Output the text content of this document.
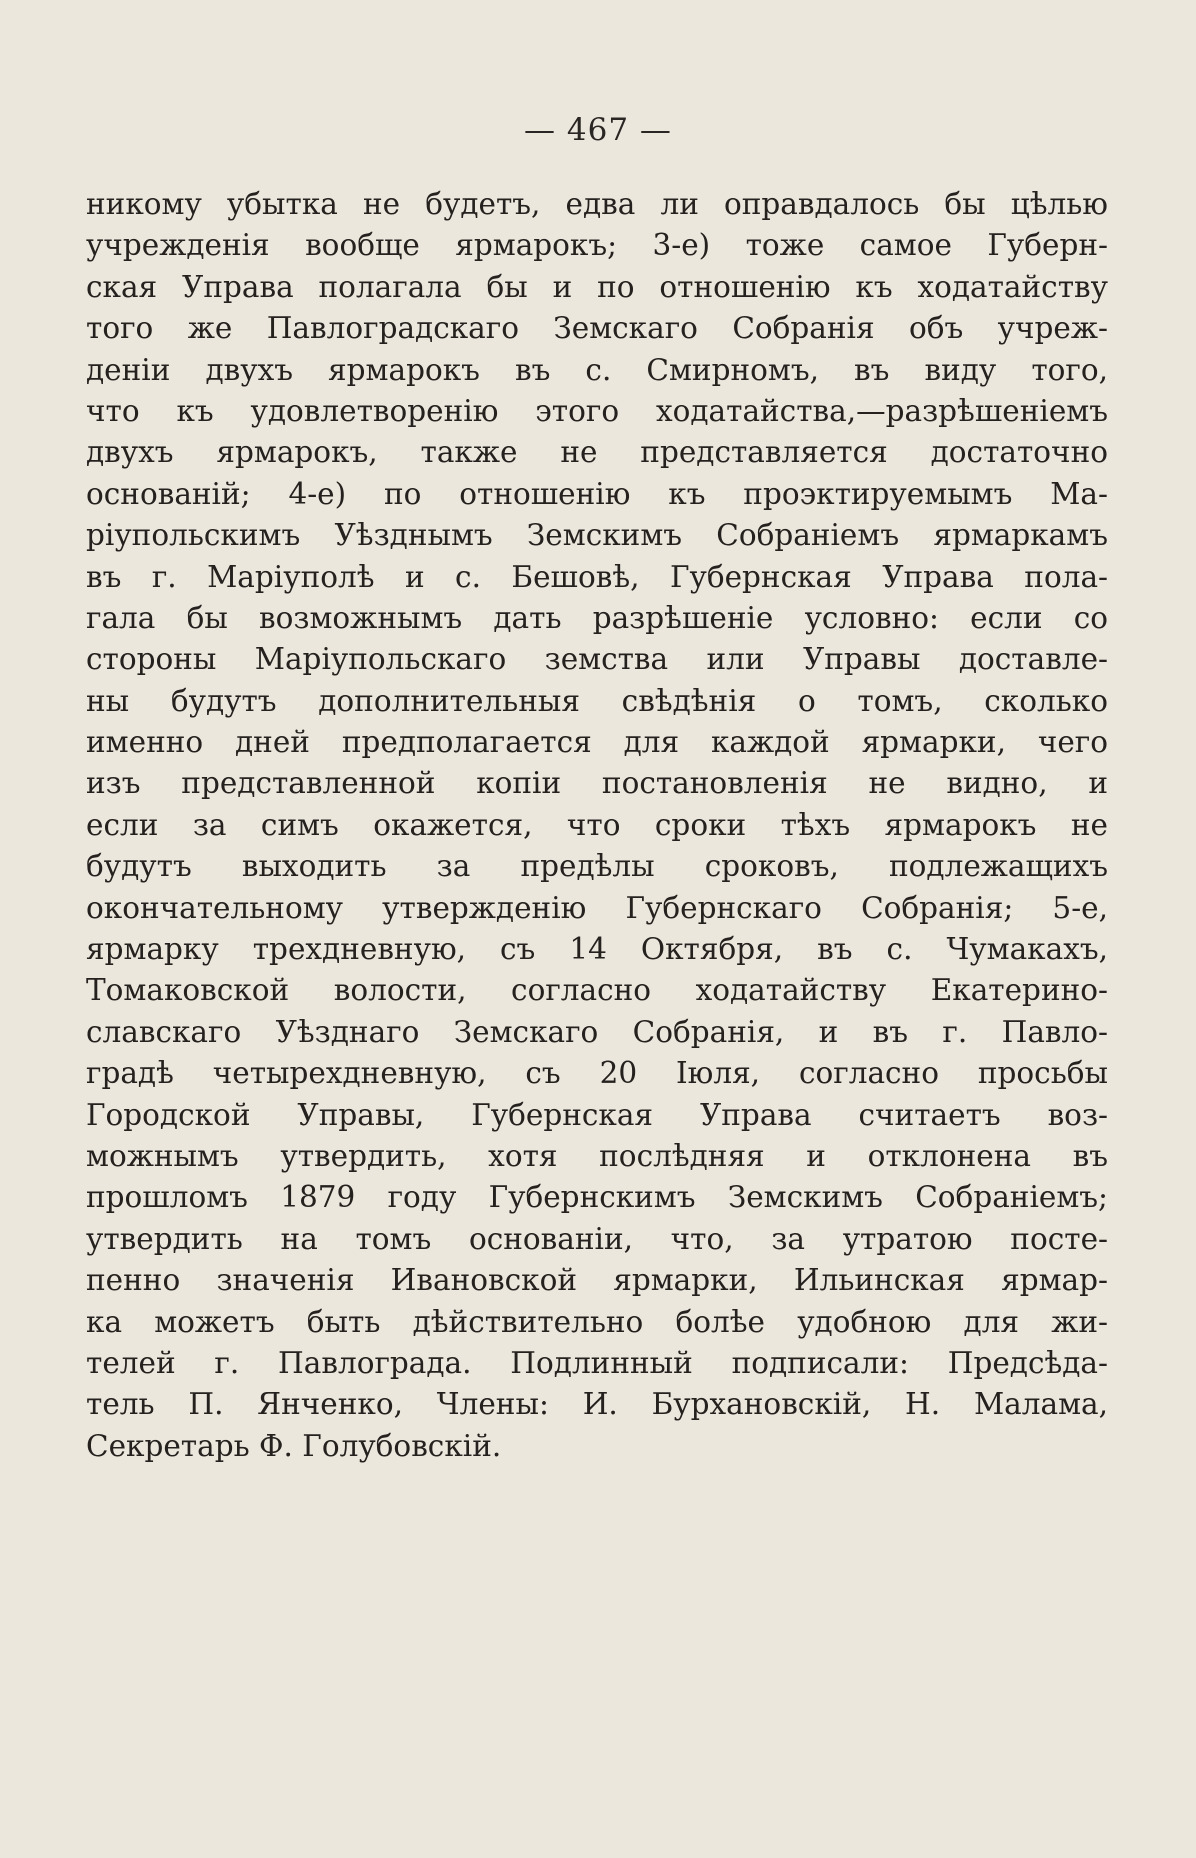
— 467 —
никому убытка не будетъ, едва ли оправдалось бы цѣлью
учрежденія вообще ярмарокъ; 3-е) тоже самое Губерн-
ская Управа полагала бы и по отношенію къ ходатайству
того же Павлоградскаго Земскаго Собранія объ учреж-
деніи двухъ ярмарокъ въ с. Смирномъ, въ виду того,
что къ удовлетворенію этого ходатайства,—разрѣшеніемъ
двухъ ярмарокъ, также не представляется достаточно
основаній; 4-е) по отношенію къ проэктируемымъ Ма-
ріупольскимъ Уѣзднымъ Земскимъ Собраніемъ ярмаркамъ
въ г. Маріуполѣ и с. Бешовѣ, Губернская Управа пола-
гала бы возможнымъ дать разрѣшеніе условно: если со
стороны Маріупольскаго земства или Управы доставле-
ны будутъ дополнительныя свѣдѣнія о томъ, сколько
именно дней предполагается для каждой ярмарки, чего
изъ представленной копіи постановленія не видно, и
если за симъ окажется, что сроки тѣхъ ярмарокъ не
будутъ выходить за предѣлы сроковъ, подлежащихъ
окончательному утвержденію Губернскаго Собранія; 5-е,
ярмарку трехдневную, съ 14 Октября, въ с. Чумакахъ,
Томаковской волости, согласно ходатайству Екатерино-
славскаго Уѣзднаго Земскаго Собранія, и въ г. Павло-
градѣ четырехдневную, съ 20 Іюля, согласно просьбы
Городской Управы, Губернская Управа считаетъ воз-
можнымъ утвердить, хотя послѣдняя и отклонена въ
прошломъ 1879 году Губернскимъ Земскимъ Собраніемъ;
утвердить на томъ основаніи, что, за утратою посте-
пенно значенія Ивановской ярмарки, Ильинская ярмар-
ка можетъ быть дѣйствительно болѣе удобною для жи-
телей г. Павлограда. Подлинный подписали: Предсѣда-
тель П. Янченко, Члены: И. Бурхановскій, Н. Малама,
Секретарь Ф. Голубовскій.
